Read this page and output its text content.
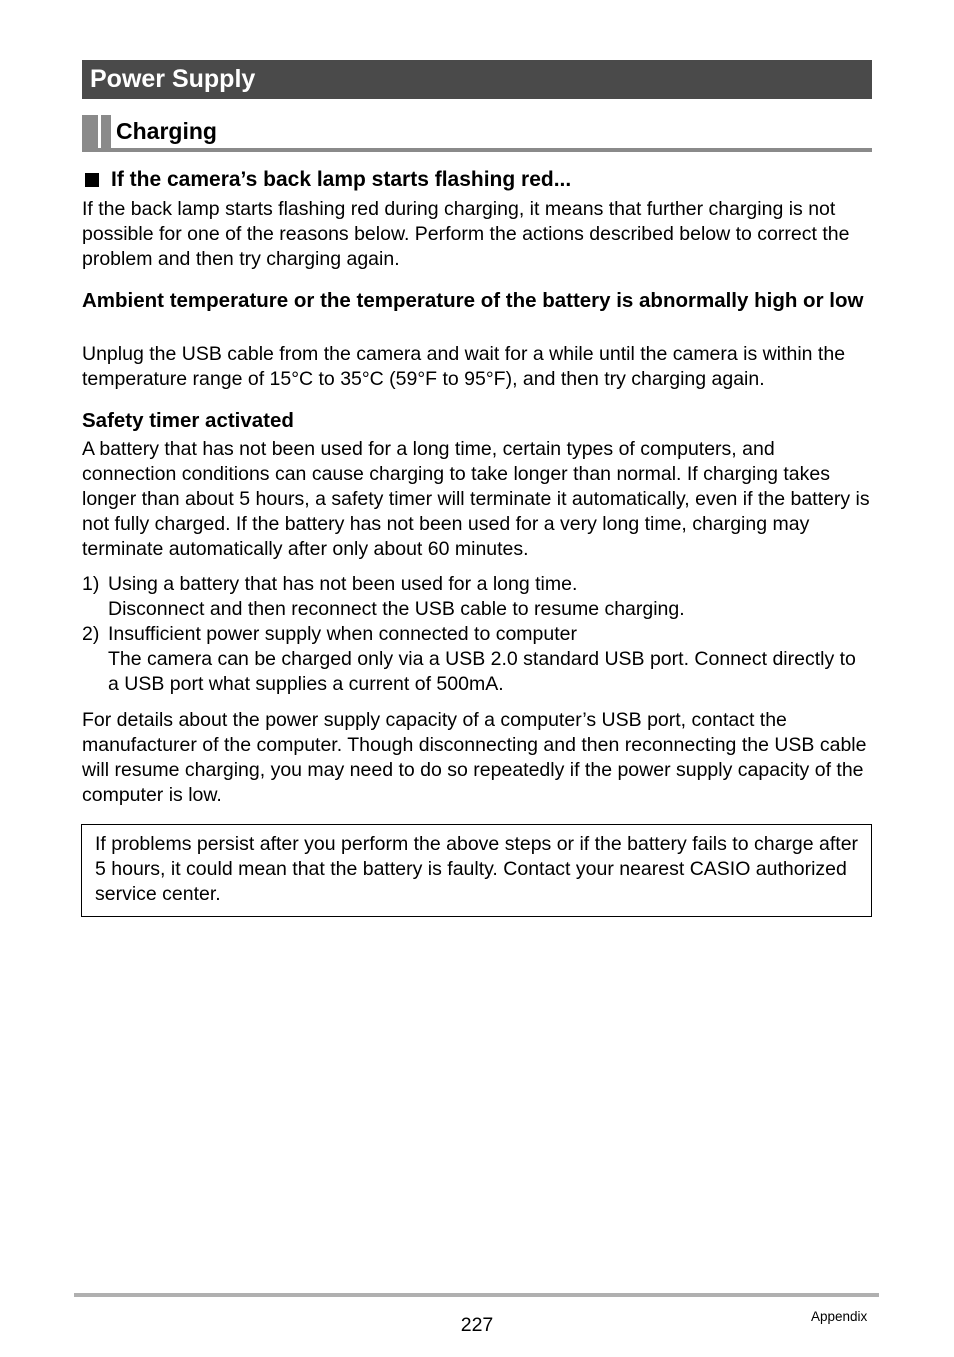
Power Supply
Charging
If the camera’s back lamp starts flashing red...
If the back lamp starts flashing red during charging, it means that further charging is not possible for one of the reasons below. Perform the actions described below to correct the problem and then try charging again.
Ambient temperature or the temperature of the battery is abnormally high or low
Unplug the USB cable from the camera and wait for a while until the camera is within the temperature range of 15°C to 35°C (59°F to 95°F), and then try charging again.
Safety timer activated
A battery that has not been used for a long time, certain types of computers, and connection conditions can cause charging to take longer than normal. If charging takes longer than about 5 hours, a safety timer will terminate it automatically, even if the battery is not fully charged. If the battery has not been used for a very long time, charging may terminate automatically after only about 60 minutes.
1) Using a battery that has not been used for a long time.
Disconnect and then reconnect the USB cable to resume charging.
2) Insufficient power supply when connected to computer
The camera can be charged only via a USB 2.0 standard USB port. Connect directly to a USB port what supplies a current of 500mA.
For details about the power supply capacity of a computer’s USB port, contact the manufacturer of the computer. Though disconnecting and then reconnecting the USB cable will resume charging, you may need to do so repeatedly if the power supply capacity of the computer is low.
If problems persist after you perform the above steps or if the battery fails to charge after 5 hours, it could mean that the battery is faulty. Contact your nearest CASIO authorized service center.
227	Appendix
